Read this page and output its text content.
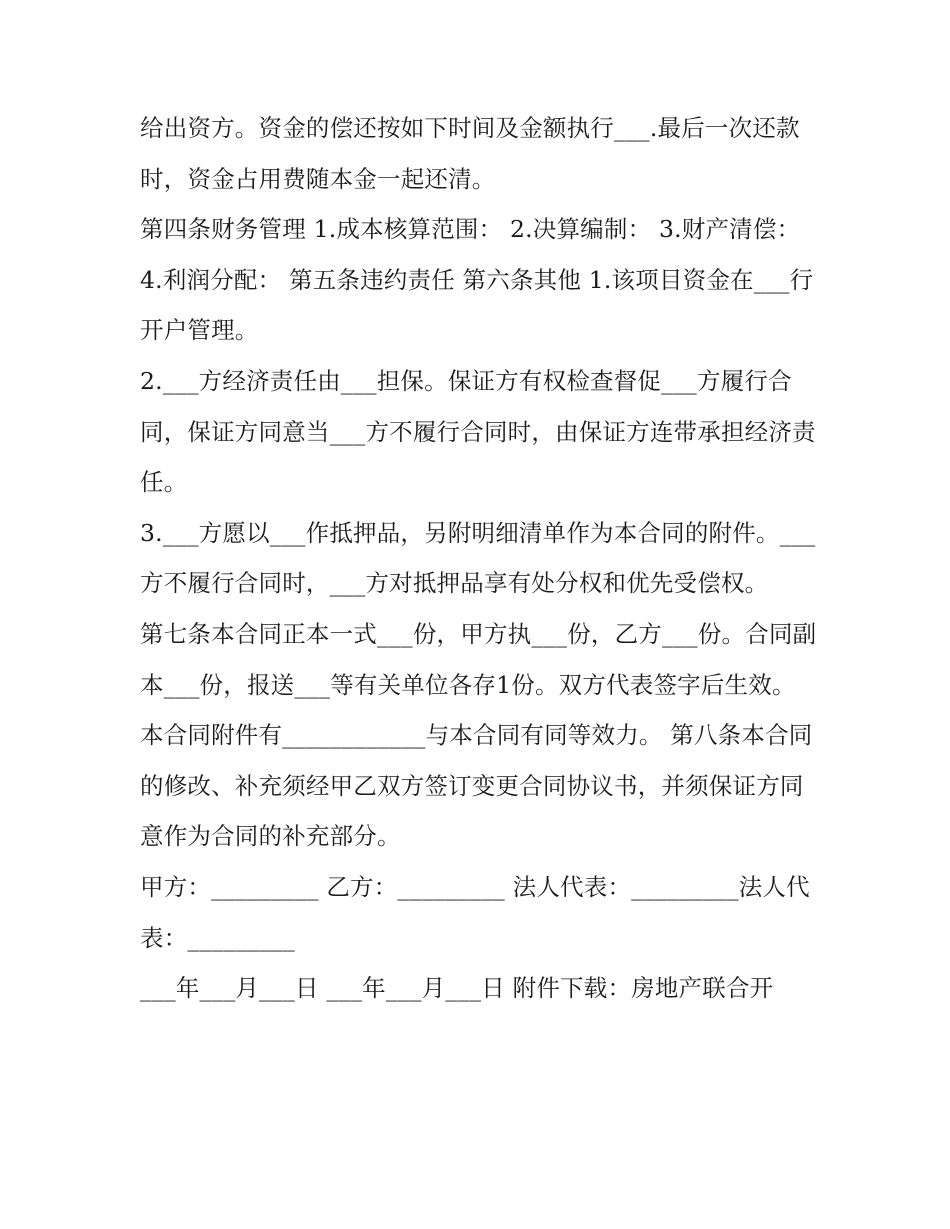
给出资方。资金的偿还按如下时间及金额执行___.最后一次还款时，资金占用费随本金一起还清。

第四条财务管理 1.成本核算范围： 2.决算编制： 3.财产清偿：4.利润分配： 第五条违约责任 第六条其他 1.该项目资金在___行开户管理。

2.___方经济责任由___担保。保证方有权检查督促___方履行合同，保证方同意当___方不履行合同时，由保证方连带承担经济责任。

3.___方愿以___作抵押品，另附明细清单作为本合同的附件。___方不履行合同时，___方对抵押品享有处分权和优先受偿权。

第七条本合同正本一式___份，甲方执___份，乙方___份。合同副本___份，报送___等有关单位各存1份。双方代表签字后生效。

本合同附件有____________与本合同有同等效力。 第八条本合同的修改、补充须经甲乙双方签订变更合同协议书，并须保证方同意作为合同的补充部分。

甲方：_________ 乙方：_________ 法人代表：_________法人代表：_________

___年___月___日 ___年___月___日 附件下载：房地产联合开
